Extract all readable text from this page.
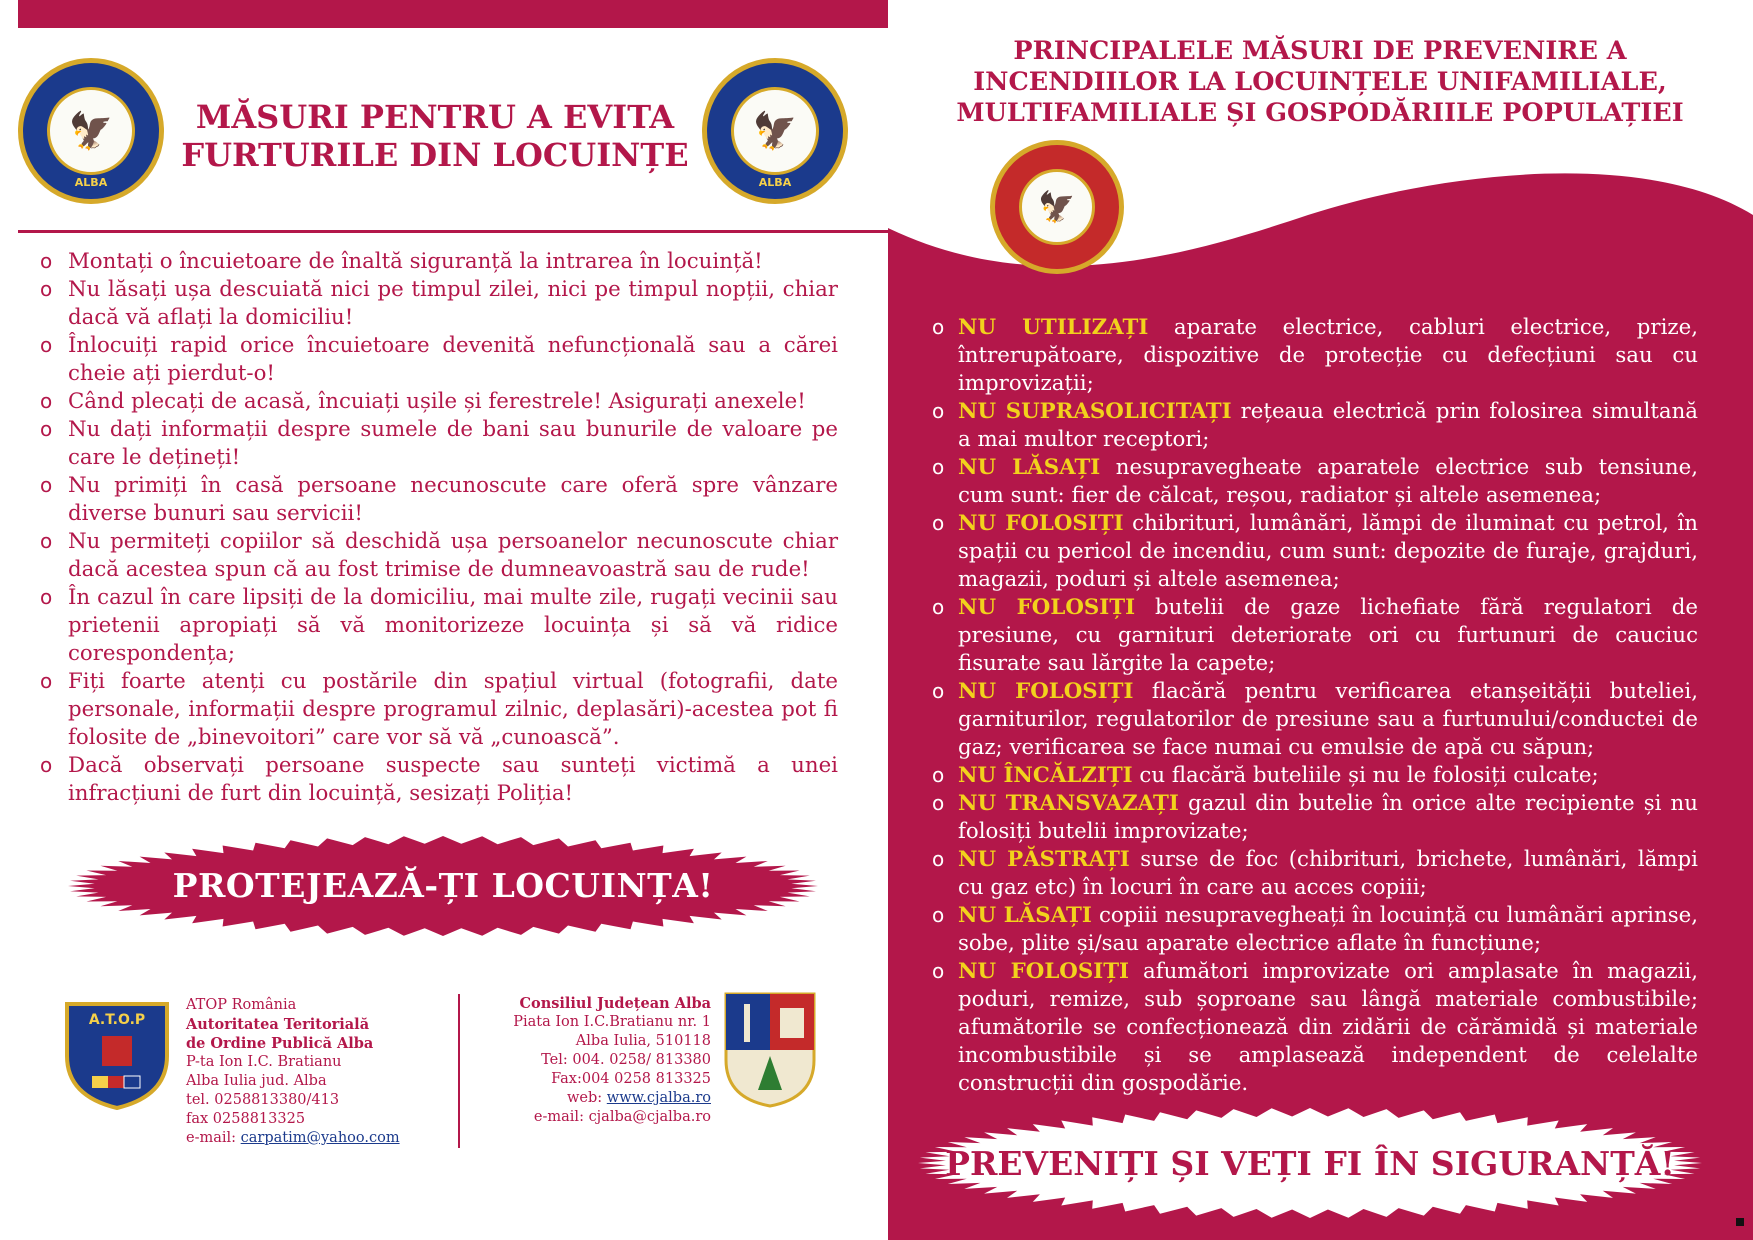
🦅
ALBA
🦅
ALBA
MĂSURI PENTRU A EVITA
FURTURILE DIN LOCUINȚE
o Montați o încuietoare de înaltă siguranță la intrarea în locuință!
o Nu lăsați ușa descuiată nici pe timpul zilei, nici pe timpul nopții, chiar dacă vă aflați la domiciliu!
o Înlocuiți rapid orice încuietoare devenită nefuncțională sau a cărei cheie ați pierdut-o!
o Când plecați de acasă, încuiați ușile și ferestrele! Asigurați anexele!
o Nu dați informații despre sumele de bani sau bunurile de valoare pe care le dețineți!
o Nu primiți în casă persoane necunoscute care oferă spre vânzare diverse bunuri sau servicii!
o Nu permiteți copiilor să deschidă ușa persoanelor necunoscute chiar dacă acestea spun că au fost trimise de dumneavoastră sau de rude!
o În cazul în care lipsiți de la domiciliu, mai multe zile, rugați vecinii sau prietenii apropiați să vă monitorizeze locuința și să vă ridice corespondența;
o Fiți foarte atenți cu postările din spațiul virtual (fotografii, date personale, informații despre programul zilnic, deplasări)-acestea pot fi folosite de „binevoitori” care vor să vă „cunoască”.
o Dacă observați persoane suspecte sau sunteți victimă a unei infracțiuni de furt din locuință, sesizați Poliția!
PROTEJEAZĂ-ȚI LOCUINȚA!
A.T.O.P
ATOP România
Autoritatea Teritorială
de Ordine Publică Alba
P-ta Ion I.C. Bratianu
Alba Iulia jud. Alba
tel. 0258813380/413
fax 0258813325
e-mail: carpatim@yahoo.com
Consiliul Județean Alba
Piata Ion I.C.Bratianu nr. 1
Alba Iulia, 510118
Tel: 004. 0258/ 813380
Fax:004 0258 813325
web: www.cjalba.ro
e-mail: cjalba@cjalba.ro
PRINCIPALELE MĂSURI DE PREVENIRE A
INCENDIILOR LA LOCUINȚELE UNIFAMILIALE,
MULTIFAMILIALE ȘI GOSPODĂRIILE POPULAȚIEI
🦅
o NU UTILIZAȚI aparate electrice, cabluri electrice, prize, întrerupătoare, dispozitive de protecție cu defecțiuni sau cu improvizații;
o NU SUPRASOLICITAȚI rețeaua electrică prin folosirea simultană a mai multor receptori;
o NU LĂSAȚI nesupravegheate aparatele electrice sub tensiune, cum sunt: fier de călcat, reșou, radiator și altele asemenea;
o NU FOLOSIȚI chibrituri, lumânări, lămpi de iluminat cu petrol, în spații cu pericol de incendiu, cum sunt: depozite de furaje, grajduri, magazii, poduri și altele asemenea;
o NU FOLOSIȚI butelii de gaze lichefiate fără regulatori de presiune, cu garnituri deteriorate ori cu furtunuri de cauciuc fisurate sau lărgite la capete;
o NU FOLOSIȚI flacără pentru verificarea etanșeității buteliei, garniturilor, regulatorilor de presiune sau a furtunului/conductei de gaz; verificarea se face numai cu emulsie de apă cu săpun;
o NU ÎNCĂLZIȚI cu flacără buteliile și nu le folosiți culcate;
o NU TRANSVAZAȚI gazul din butelie în orice alte recipiente și nu folosiți butelii improvizate;
o NU PĂSTRAȚI surse de foc (chibrituri, brichete, lumânări, lămpi cu gaz etc) în locuri în care au acces copiii;
o NU LĂSAȚI copiii nesupravegheați în locuință cu lumânări aprinse, sobe, plite și/sau aparate electrice aflate în funcțiune;
o NU FOLOSIȚI afumători improvizate ori amplasate în magazii, poduri, remize, sub șoproane sau lângă materiale combustibile; afumătorile se confecționează din zidării de cărămidă și materiale incombustibile și se amplasează independent de celelalte construcții din gospodărie.
PREVENIȚI ȘI VEȚI FI ÎN SIGURANȚĂ!
